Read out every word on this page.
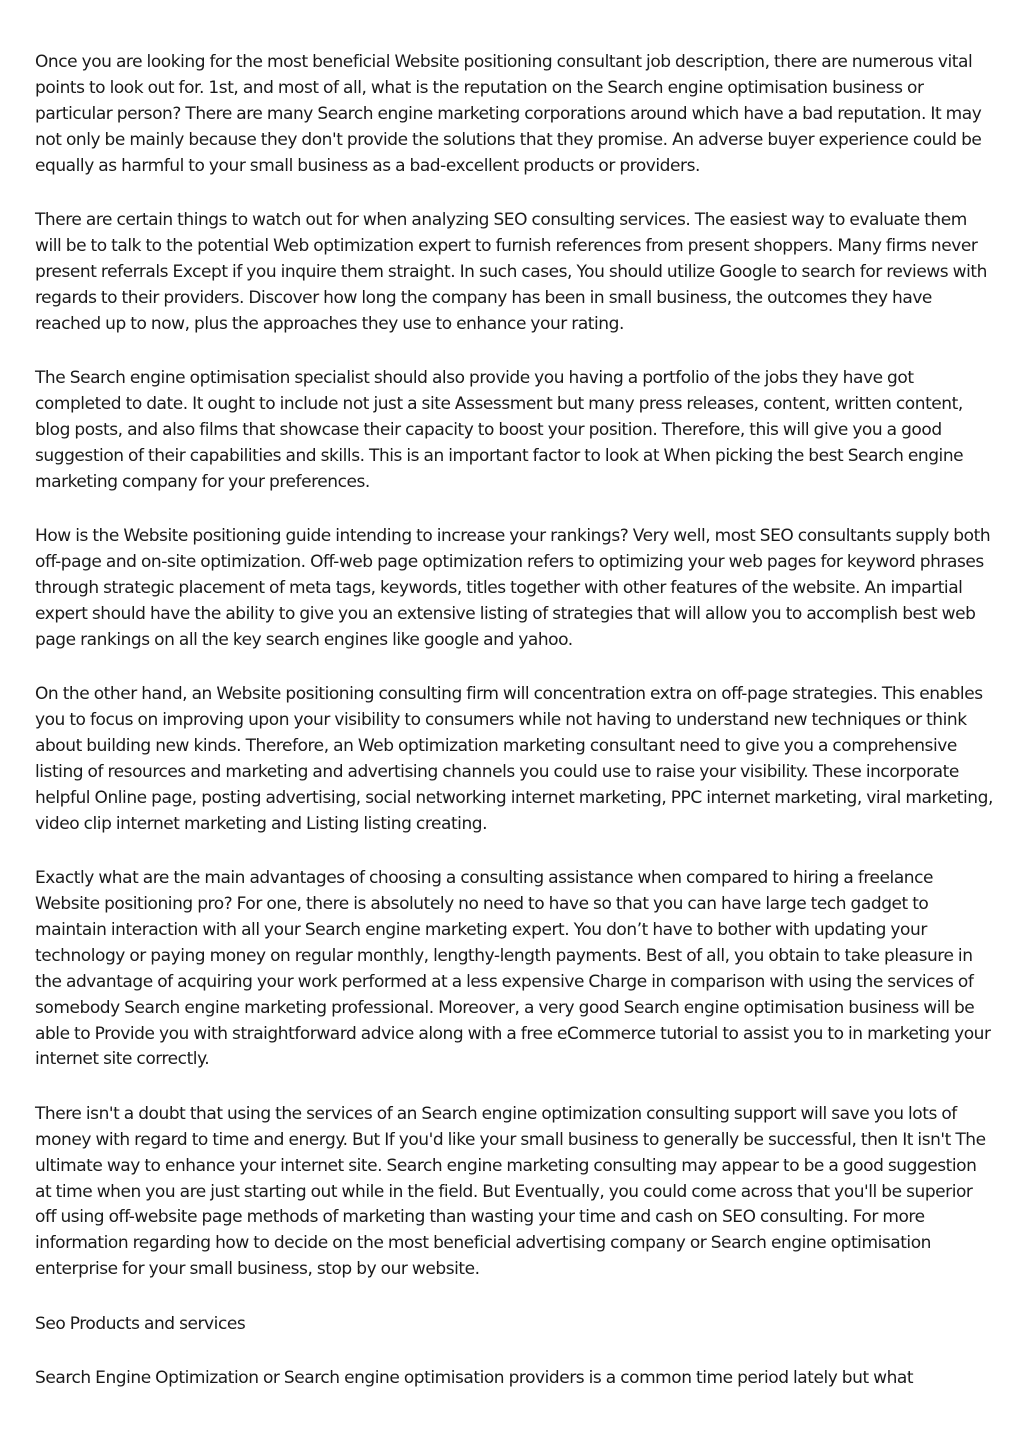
Once you are looking for the most beneficial Website positioning consultant job description, there are numerous vital points to look out for. 1st, and most of all, what is the reputation on the Search engine optimisation business or particular person? There are many Search engine marketing corporations around which have a bad reputation. It may not only be mainly because they don't provide the solutions that they promise. An adverse buyer experience could be equally as harmful to your small business as a bad-excellent products or providers.

There are certain things to watch out for when analyzing SEO consulting services. The easiest way to evaluate them will be to talk to the potential Web optimization expert to furnish references from present shoppers. Many firms never present referrals Except if you inquire them straight. In such cases, You should utilize Google to search for reviews with regards to their providers. Discover how long the company has been in small business, the outcomes they have reached up to now, plus the approaches they use to enhance your rating.

The Search engine optimisation specialist should also provide you having a portfolio of the jobs they have got completed to date. It ought to include not just a site Assessment but many press releases, content, written content, blog posts, and also films that showcase their capacity to boost your position. Therefore, this will give you a good suggestion of their capabilities and skills. This is an important factor to look at When picking the best Search engine marketing company for your preferences.

How is the Website positioning guide intending to increase your rankings? Very well, most SEO consultants supply both off-page and on-site optimization. Off-web page optimization refers to optimizing your web pages for keyword phrases through strategic placement of meta tags, keywords, titles together with other features of the website. An impartial expert should have the ability to give you an extensive listing of strategies that will allow you to accomplish best web page rankings on all the key search engines like google and yahoo.

On the other hand, an Website positioning consulting firm will concentration extra on off-page strategies. This enables you to focus on improving upon your visibility to consumers while not having to understand new techniques or think about building new kinds. Therefore, an Web optimization marketing consultant need to give you a comprehensive listing of resources and marketing and advertising channels you could use to raise your visibility. These incorporate helpful Online page, posting advertising, social networking internet marketing, PPC internet marketing, viral marketing, video clip internet marketing and Listing listing creating.

Exactly what are the main advantages of choosing a consulting assistance when compared to hiring a freelance Website positioning pro? For one, there is absolutely no need to have so that you can have large tech gadget to maintain interaction with all your Search engine marketing expert. You don’t have to bother with updating your technology or paying money on regular monthly, lengthy-length payments. Best of all, you obtain to take pleasure in the advantage of acquiring your work performed at a less expensive Charge in comparison with using the services of somebody Search engine marketing professional. Moreover, a very good Search engine optimisation business will be able to Provide you with straightforward advice along with a free eCommerce tutorial to assist you to in marketing your internet site correctly.

There isn't a doubt that using the services of an Search engine optimization consulting support will save you lots of money with regard to time and energy. But If you'd like your small business to generally be successful, then It isn't The ultimate way to enhance your internet site. Search engine marketing consulting may appear to be a good suggestion at time when you are just starting out while in the field. But Eventually, you could come across that you'll be superior off using off-website page methods of marketing than wasting your time and cash on SEO consulting. For more information regarding how to decide on the most beneficial advertising company or Search engine optimisation enterprise for your small business, stop by our website.

Seo Products and services

Search Engine Optimization or Search engine optimisation providers is a common time period lately but what
